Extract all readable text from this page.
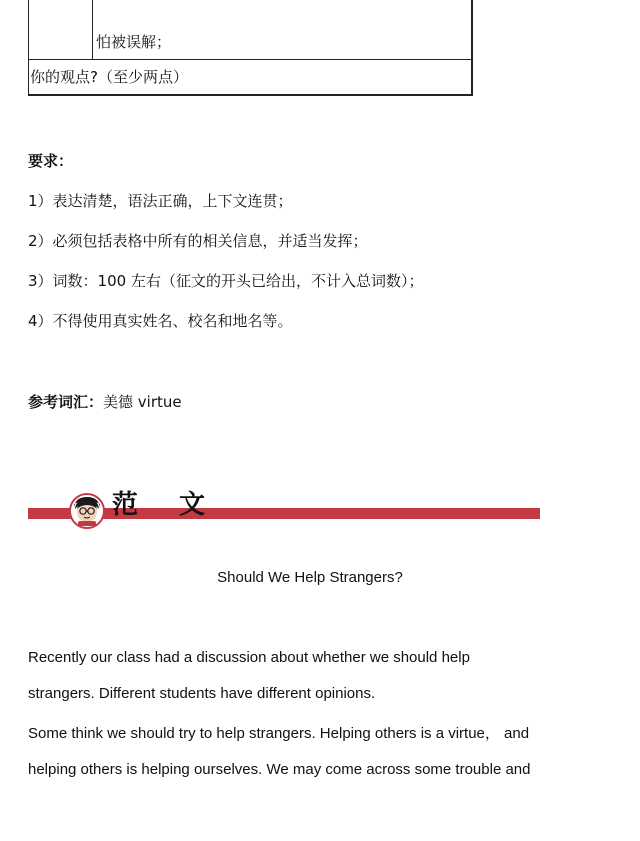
怕被误解；
你的观点?（至少两点）
要求：
1）表达清楚，语法正确，上下文连贯；
2）必须包括表格中所有的相关信息，并适当发挥；
3）词数：100 左右（征文的开头已给出，不计入总词数）；
4）不得使用真实姓名、校名和地名等。
参考词汇：美德 virtue
范 文
Should We Help Strangers?
Recently our class had a discussion about whether we should help
strangers. Different students have different opinions.
Some think we should try to help strangers. Helping others is a virtue， and
helping others is helping ourselves. We may come across some trouble and
